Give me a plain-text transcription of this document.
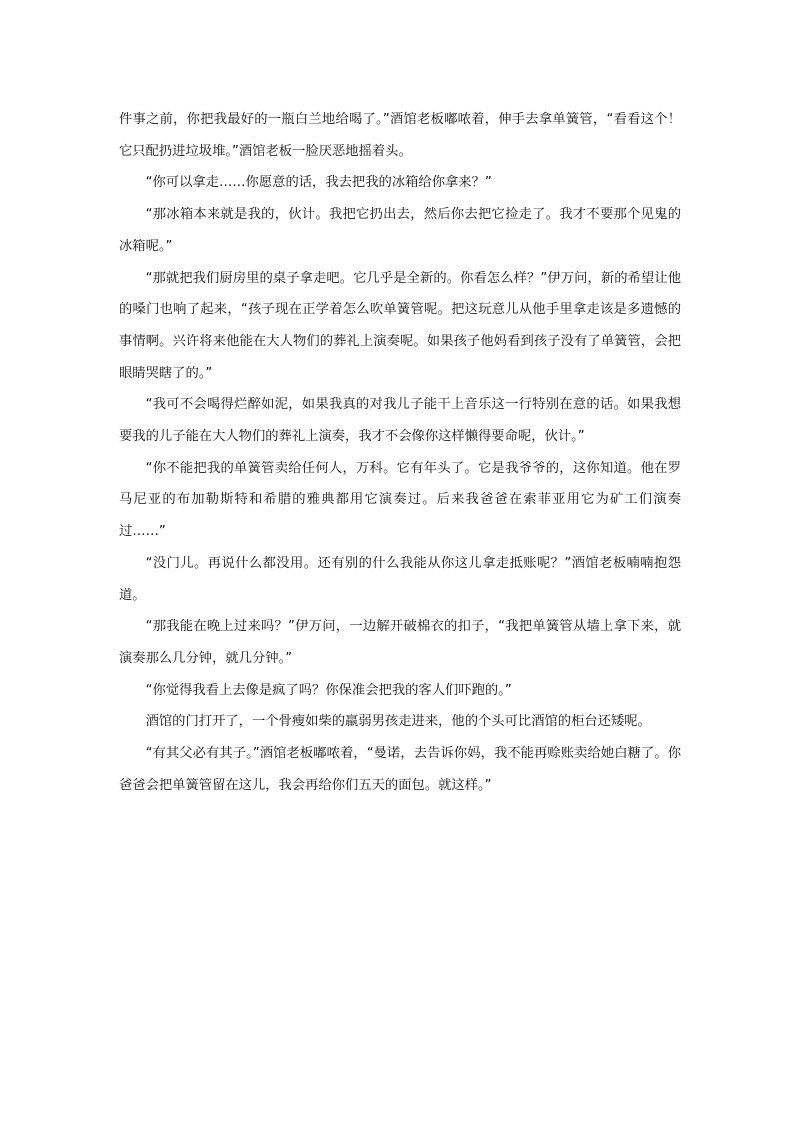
件事之前，你把我最好的一瓶白兰地给喝了。”酒馆老板嘟哝着，伸手去拿单簧管，“看看这个！它只配扔进垃圾堆。”酒馆老板一脸厌恶地摇着头。

“你可以拿走……你愿意的话，我去把我的冰箱给你拿来？”

“那冰箱本来就是我的，伙计。我把它扔出去，然后你去把它捡走了。我才不要那个见鬼的冰箱呢。”

“那就把我们厨房里的桌子拿走吧。它几乎是全新的。你看怎么样？”伊万问，新的希望让他的嗓门也响了起来，“孩子现在正学着怎么吹单簧管呢。把这玩意儿从他手里拿走该是多遗憾的事情啊。兴许将来他能在大人物们的葬礼上演奏呢。如果孩子他妈看到孩子没有了单簧管，会把眼睛哭瞎了的。”

“我可不会喝得烂醉如泥，如果我真的对我儿子能干上音乐这一行特别在意的话。如果我想要我的儿子能在大人物们的葬礼上演奏，我才不会像你这样懒得要命呢，伙计。”

“你不能把我的单簧管卖给任何人，万科。它有年头了。它是我爷爷的，这你知道。他在罗马尼亚的布加勒斯特和希腊的雅典都用它演奏过。后来我爸爸在索菲亚用它为矿工们演奏过……”

“没门儿。再说什么都没用。还有别的什么我能从你这儿拿走抵账呢？”酒馆老板喃喃抱怨道。

“那我能在晚上过来吗？”伊万问，一边解开破棉衣的扣子，“我把单簧管从墙上拿下来，就演奏那么几分钟，就几分钟。”

“你觉得我看上去像是疯了吗？你保准会把我的客人们吓跑的。”

酒馆的门打开了，一个骨瘦如柴的羸弱男孩走进来，他的个头可比酒馆的柜台还矮呢。

“有其父必有其子。”酒馆老板嘟哝着，“曼诺，去告诉你妈，我不能再赊账卖给她白糖了。你爸爸会把单簧管留在这儿，我会再给你们五天的面包。就这样。”
